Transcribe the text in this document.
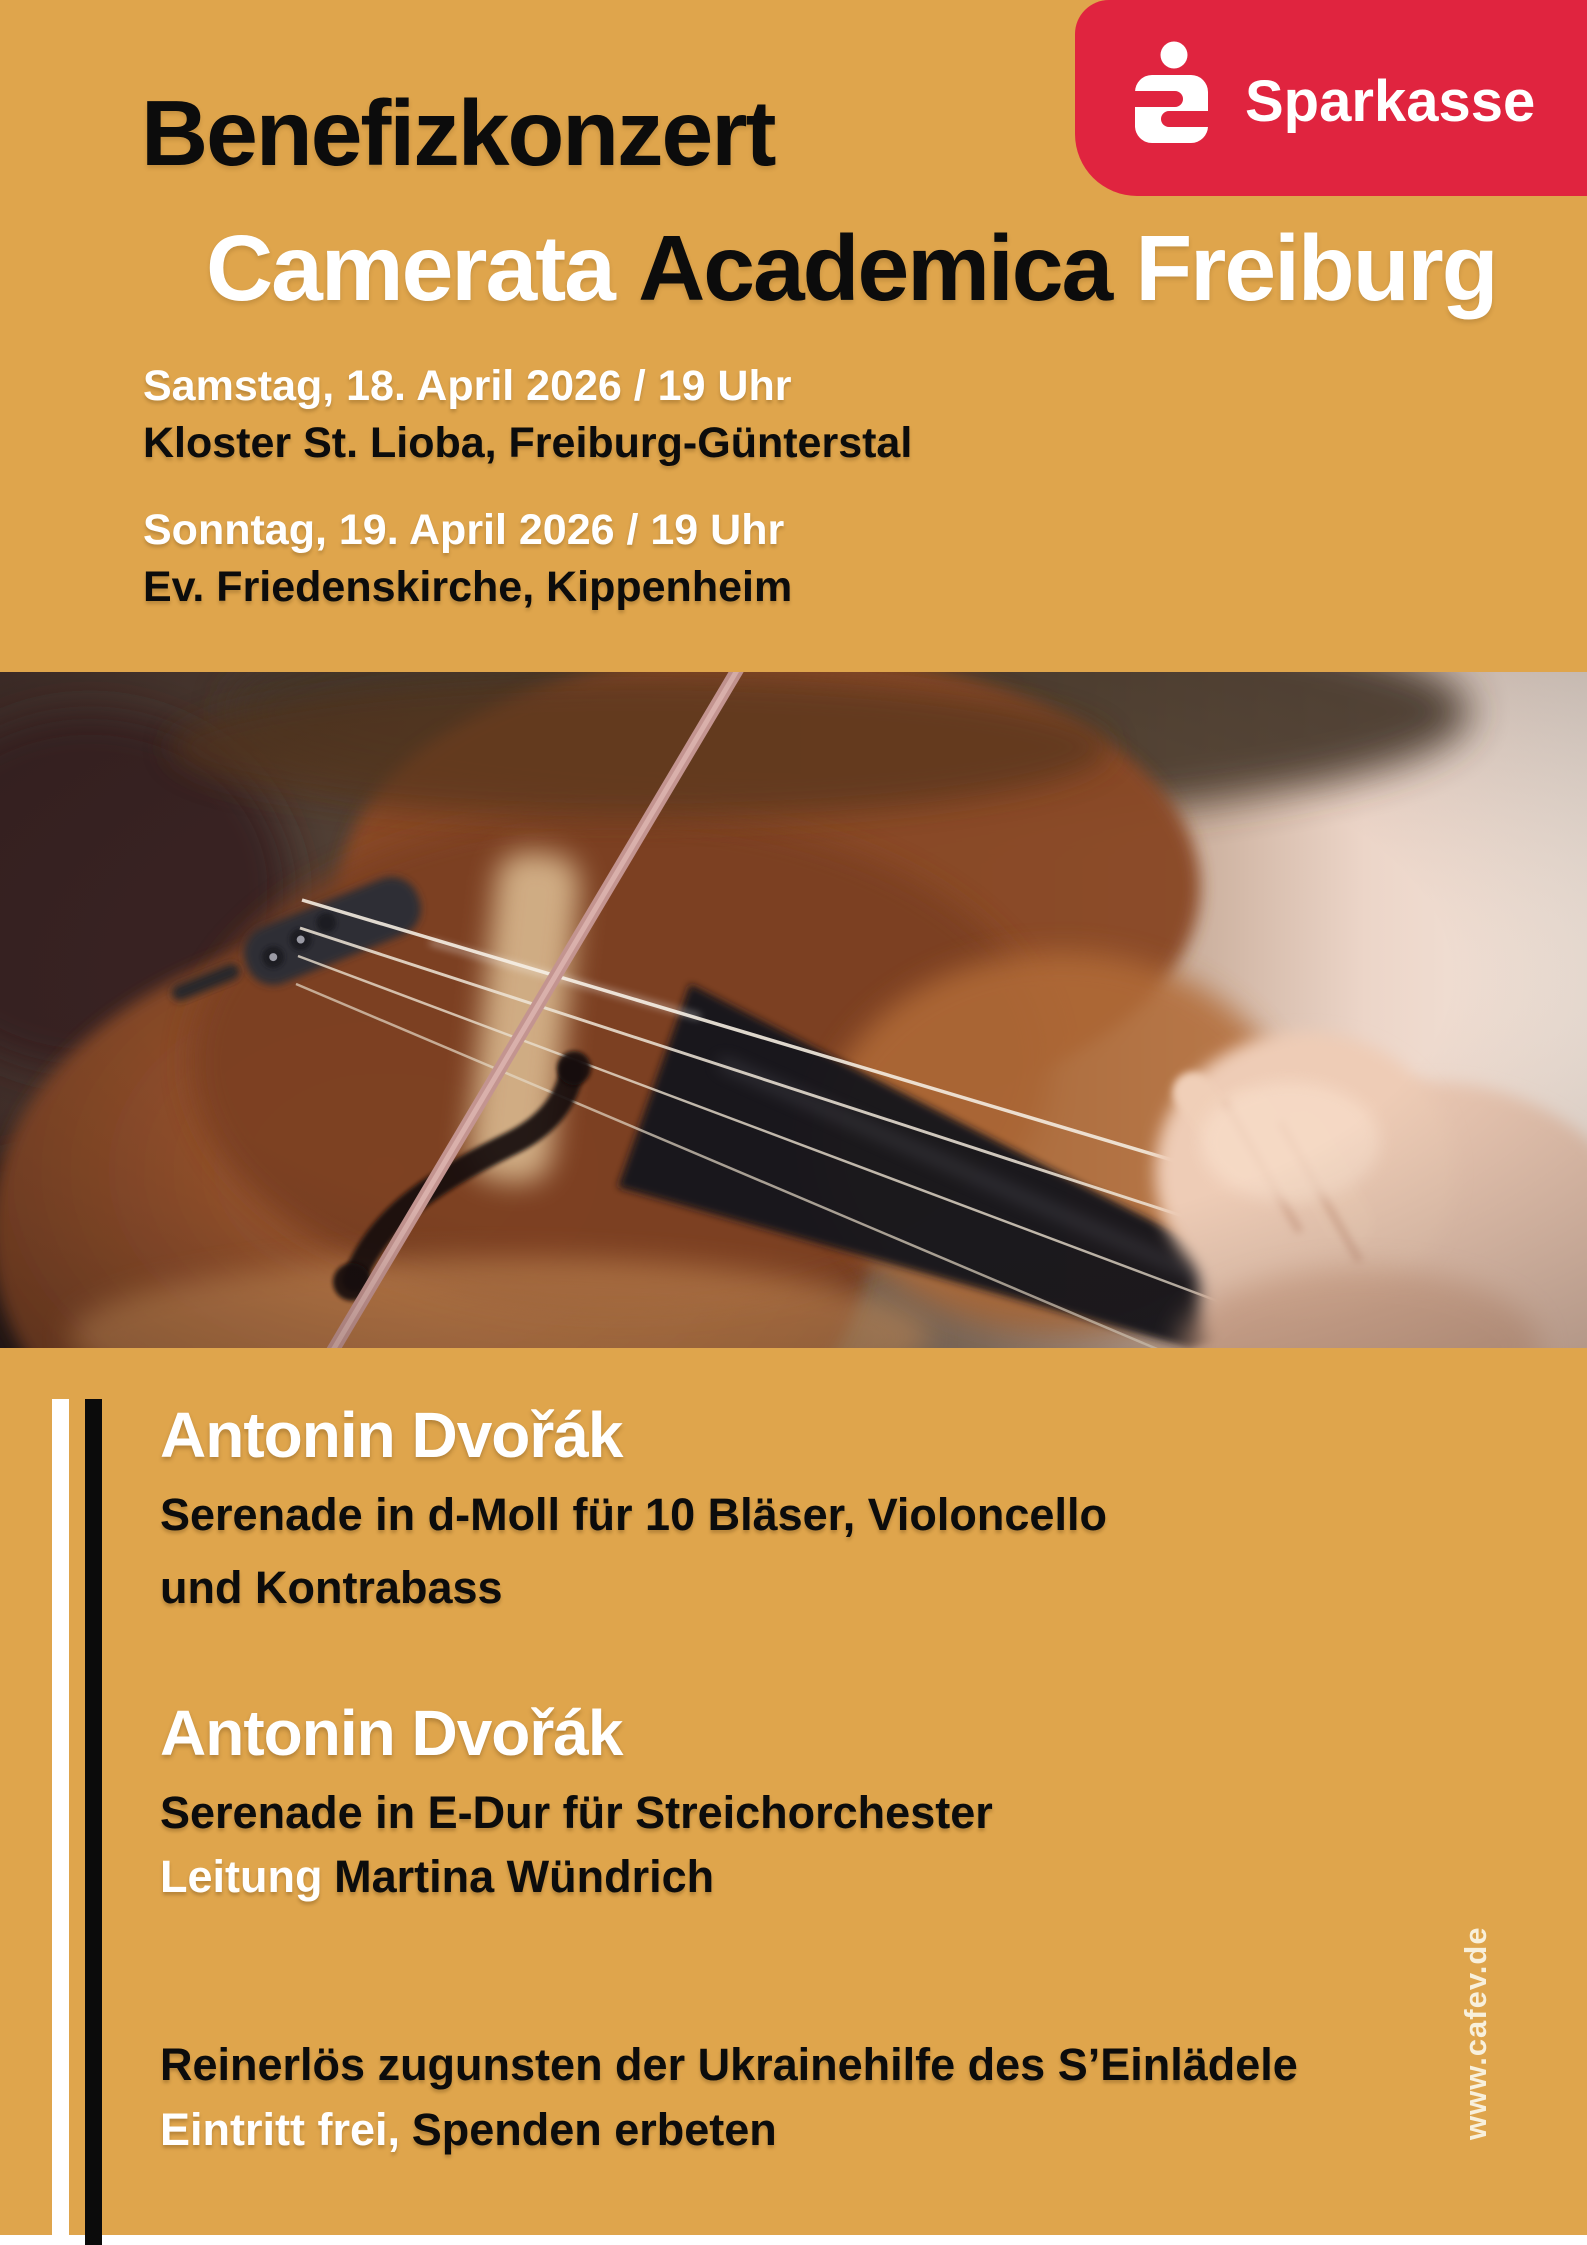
Sparkasse
Benefizkonzert
Camerata Academica Freiburg
Samstag, 18. April 2026 / 19 Uhr
Kloster St. Lioba, Freiburg-Günterstal
Sonntag, 19. April 2026 / 19 Uhr
Ev. Friedenskirche, Kippenheim
Antonin Dvořák
Serenade in d-Moll für 10 Bläser, Violoncello
und Kontrabass
Antonin Dvořák
Serenade in E-Dur für Streichorchester
Leitung Martina Wündrich
Reinerlös zugunsten der Ukrainehilfe des S’Einlädele
Eintritt frei, Spenden erbeten	www.cafev.de
